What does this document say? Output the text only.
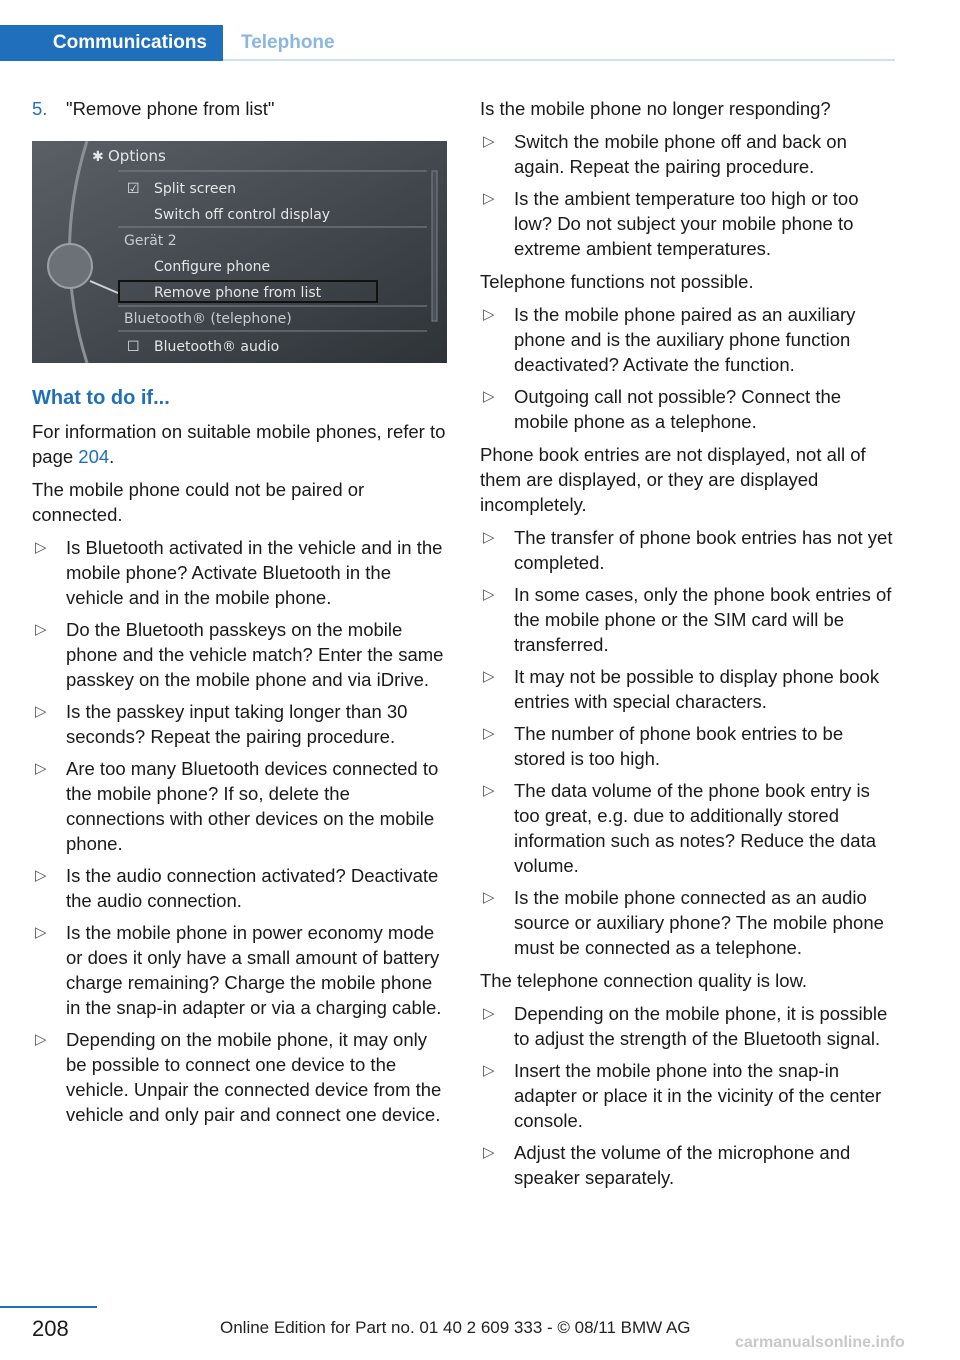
Communications	Telephone
5. "Remove phone from list"
✱ Options
☑ Split screen
Switch off control display
Gerät 2
Configure phone
Remove phone from list
Bluetooth® (telephone)
☐ Bluetooth® audio
What to do if...

For information on suitable mobile phones, refer to page 204.

The mobile phone could not be paired or connected.

▷ Is Bluetooth activated in the vehicle and in the mobile phone? Activate Bluetooth in the vehicle and in the mobile phone.
▷ Do the Bluetooth passkeys on the mobile phone and the vehicle match? Enter the same passkey on the mobile phone and via iDrive.
▷ Is the passkey input taking longer than 30 seconds? Repeat the pairing procedure.
▷ Are too many Bluetooth devices connected to the mobile phone? If so, delete the connections with other devices on the mobile phone.
▷ Is the audio connection activated? Deactivate the audio connection.
▷ Is the mobile phone in power economy mode or does it only have a small amount of battery charge remaining? Charge the mobile phone in the snap-in adapter or via a charging cable.
▷ Depending on the mobile phone, it may only be possible to connect one device to the vehicle. Unpair the connected device from the vehicle and only pair and connect one device.

Is the mobile phone no longer responding?

▷ Switch the mobile phone off and back on again. Repeat the pairing procedure.
▷ Is the ambient temperature too high or too low? Do not subject your mobile phone to extreme ambient temperatures.

Telephone functions not possible.

▷ Is the mobile phone paired as an auxiliary phone and is the auxiliary phone function deactivated? Activate the function.
▷ Outgoing call not possible? Connect the mobile phone as a telephone.

Phone book entries are not displayed, not all of them are displayed, or they are displayed incompletely.

▷ The transfer of phone book entries has not yet completed.
▷ In some cases, only the phone book entries of the mobile phone or the SIM card will be transferred.
▷ It may not be possible to display phone book entries with special characters.
▷ The number of phone book entries to be stored is too high.
▷ The data volume of the phone book entry is too great, e.g. due to additionally stored information such as notes? Reduce the data volume.
▷ Is the mobile phone connected as an audio source or auxiliary phone? The mobile phone must be connected as a telephone.

The telephone connection quality is low.

▷ Depending on the mobile phone, it is possible to adjust the strength of the Bluetooth signal.
▷ Insert the mobile phone into the snap-in adapter or place it in the vicinity of the center console.
▷ Adjust the volume of the microphone and speaker separately.
208	Online Edition for Part no. 01 40 2 609 333 - © 08/11 BMW AG
carmanualsonline.info
